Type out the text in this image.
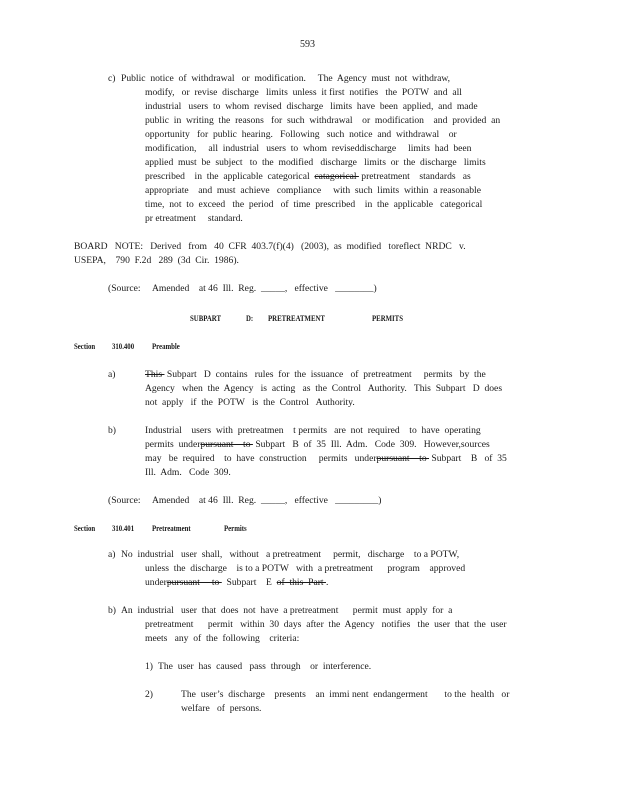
593
c) Public  notice  of  withdrawal   or  modification.     The  Agency  must  not  withdraw,
modify,   or  revise  discharge   limits  unless  it first  notifies   the  POTW  and  all
industrial   users  to  whom  revised  discharge   limits  have  been  applied,  and  made
public  in  writing  the  reasons   for  such  withdrawal    or  modification    and  provided  an
opportunity   for  public  hearing.   Following   such  notice  and  withdrawal    or
modification,     all  industrial   users  to  whom  reviseddischarge     limits  had  been
applied  must  be  subject   to  the  modified   discharge   limits  or  the  discharge   limits
prescribed    in  the  applicable  categorical  catagorical  pretreatment    standards   as
appropriate    and  must  achieve   compliance     with  such  limits  within  a reasonable
time,  not  to  exceed   the  period   of  time  prescribed    in  the  applicable   categorical
pr etreatment     standard.
BOARD   NOTE:   Derived   from   40  CFR  403.7(f)(4)   (2003),  as  modified   toreflect  NRDC   v.
USEPA,    790  F.2d   289  (3d  Cir.  1986).
(Source:     Amended    at 46  Ill.  Reg.  _____,   effective   ________)
SUBPART	D: PRETREATMENT	PERMITS
Section 310.400 Preamble
a)	This  Subpart   D  contains   rules  for  the  issuance   of  pretreatment     permits   by  the
Agency   when  the  Agency   is  acting   as  the  Control   Authority.   This  Subpart   D  does
not  apply   if  the  POTW   is  the  Control   Authority.
b)	Industrial    users  with  pretreatmen    t permits   are  not  required    to  have  operating
permits  underpursuant    to  Subpart   B  of  35  Ill.  Adm.   Code  309.   However,sources
may   be  required    to  have  construction     permits   underpursuant    to  Subpart    B   of  35
Ill.  Adm.   Code  309.
(Source:     Amended    at 46  Ill.  Reg.  _____,   effective   _________)
Section 310.401 Pretreatment	Permits
a) No  industrial   user  shall,   without   a pretreatment     permit,   discharge    to a POTW,
unless  the  discharge    is to a POTW   with  a pretreatment      program    approved
underpursuant     to   Subpart    E  of  this  Part .
b) An  industrial   user  that  does  not  have  a pretreatment      permit  must  apply  for  a
pretreatment      permit   within  30  days  after  the  Agency   notifies   the  user  that  the  user
meets   any  of  the  following    criteria:
1) The  user  has  caused   pass  through    or  interference.
2)	The  user’s  discharge    presents    an  immi nent  endangerment       to the  health   or
welfare   of  persons.
